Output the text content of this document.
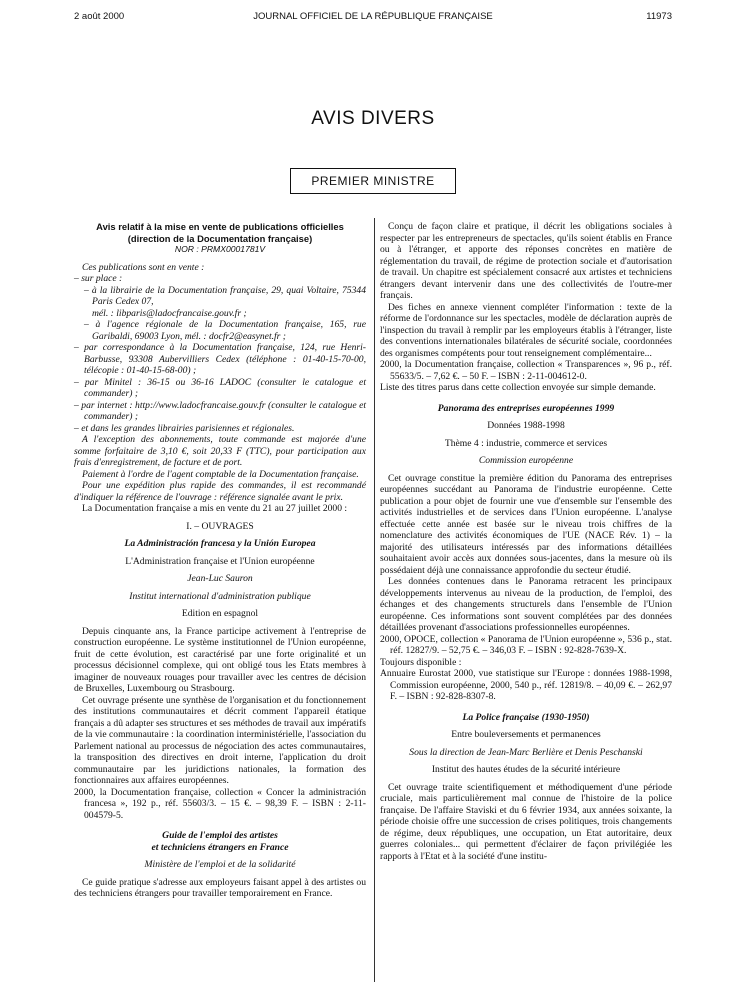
2 août 2000	JOURNAL OFFICIEL DE LA RÉPUBLIQUE FRANÇAISE	11973
AVIS DIVERS
PREMIER MINISTRE

Avis relatif à la mise en vente de publications officielles

(direction de la Documentation française)

NOR : PRMX0001781V

Ces publications sont en vente :

– sur place :

– à la librairie de la Documentation française, 29, quai Voltaire, 75344 Paris Cedex 07,

mél. : libparis@ladocfrancaise.gouv.fr ;

– à l'agence régionale de la Documentation française, 165, rue Garibaldi, 69003 Lyon, mél. : docfr2@easynet.fr ;

– par correspondance à la Documentation française, 124, rue Henri-Barbusse, 93308 Aubervilliers Cedex (téléphone : 01-40-15-70-00, télécopie : 01-40-15-68-00) ;

– par Minitel : 36-15 ou 36-16 LADOC (consulter le catalogue et commander) ;

– par internet : http://www.ladocfrancaise.gouv.fr (consulter le catalogue et commander) ;

– et dans les grandes librairies parisiennes et régionales.

A l'exception des abonnements, toute commande est majorée d'une somme forfaitaire de 3,10 €, soit 20,33 F (TTC), pour participation aux frais d'enregistrement, de facture et de port.

Paiement à l'ordre de l'agent comptable de la Documentation française.

Pour une expédition plus rapide des commandes, il est recommandé d'indiquer la référence de l'ouvrage : référence signalée avant le prix.

La Documentation française a mis en vente du 21 au 27 juillet 2000 :

I. – OUVRAGES

La Administración francesa y la Unión Europea

L'Administration française et l'Union européenne

Jean-Luc Sauron

Institut international d'administration publique

Edition en espagnol

Depuis cinquante ans, la France participe activement à l'entreprise de construction européenne. Le système institutionnel de l'Union européenne, fruit de cette évolution, est caractérisé par une forte originalité et un processus décisionnel complexe, qui ont obligé tous les Etats membres à imaginer de nouveaux rouages pour travailler avec les centres de décision de Bruxelles, Luxembourg ou Strasbourg.

Cet ouvrage présente une synthèse de l'organisation et du fonctionnement des institutions communautaires et décrit comment l'appareil étatique français a dû adapter ses structures et ses méthodes de travail aux impératifs de la vie communautaire : la coordination interministérielle, l'association du Parlement national au processus de négociation des actes communautaires, la transposition des directives en droit interne, l'application du droit communautaire par les juridictions nationales, la formation des fonctionnaires aux affaires européennes.

2000, la Documentation française, collection « Concer la administración francesa », 192 p., réf. 55603/3. – 15 €. – 98,39 F. – ISBN : 2-11-004579-5.

Guide de l'emploi des artistes

et techniciens étrangers en France

Ministère de l'emploi et de la solidarité

Ce guide pratique s'adresse aux employeurs faisant appel à des artistes ou des techniciens étrangers pour travailler temporairement en France.

Conçu de façon claire et pratique, il décrit les obligations sociales à respecter par les entrepreneurs de spectacles, qu'ils soient établis en France ou à l'étranger, et apporte des réponses concrètes en matière de réglementation du travail, de régime de protection sociale et d'autorisation de travail. Un chapitre est spécialement consacré aux artistes et techniciens étrangers devant intervenir dans une des collectivités de l'outre-mer français.

Des fiches en annexe viennent compléter l'information : texte de la réforme de l'ordonnance sur les spectacles, modèle de déclaration auprès de l'inspection du travail à remplir par les employeurs établis à l'étranger, liste des conventions internationales bilatérales de sécurité sociale, coordonnées des organismes compétents pour tout renseignement complémentaire...

2000, la Documentation française, collection « Transparences », 96 p., réf. 55633/5. – 7,62 €. – 50 F. – ISBN : 2-11-004612-0.

Liste des titres parus dans cette collection envoyée sur simple demande.

Panorama des entreprises européennes 1999

Données 1988-1998

Thème 4 : industrie, commerce et services

Commission européenne

Cet ouvrage constitue la première édition du Panorama des entreprises européennes succédant au Panorama de l'industrie européenne. Cette publication a pour objet de fournir une vue d'ensemble sur l'ensemble des activités industrielles et de services dans l'Union européenne. L'analyse effectuée cette année est basée sur le niveau trois chiffres de la nomenclature des activités économiques de l'UE (NACE Rév. 1) – la majorité des utilisateurs intéressés par des informations détaillées souhaitaient avoir accès aux données sous-jacentes, dans la mesure où ils possédaient déjà une connaissance approfondie du secteur étudié.

Les données contenues dans le Panorama retracent les principaux développements intervenus au niveau de la production, de l'emploi, des échanges et des changements structurels dans l'ensemble de l'Union européenne. Ces informations sont souvent complétées par des données détaillées provenant d'associations professionnelles européennes.

2000, OPOCE, collection « Panorama de l'Union européenne », 536 p., stat. réf. 12827/9. – 52,75 €. – 346,03 F. – ISBN : 92-828-7639-X.

Toujours disponible :

Annuaire Eurostat 2000, vue statistique sur l'Europe : données 1988-1998, Commission européenne, 2000, 540 p., réf. 12819/8. – 40,09 €. – 262,97 F. – ISBN : 92-828-8307-8.

La Police française (1930-1950)

Entre bouleversements et permanences

Sous la direction de Jean-Marc Berlière et Denis Peschanski

Institut des hautes études de la sécurité intérieure

Cet ouvrage traite scientifiquement et méthodiquement d'une période cruciale, mais particulièrement mal connue de l'histoire de la police française. De l'affaire Staviski et du 6 février 1934, aux années soixante, la période choisie offre une succession de crises politiques, trois changements de régime, deux républiques, une occupation, un Etat autoritaire, deux guerres coloniales... qui permettent d'éclairer de façon privilégiée les rapports à l'Etat et à la société d'une institu-
